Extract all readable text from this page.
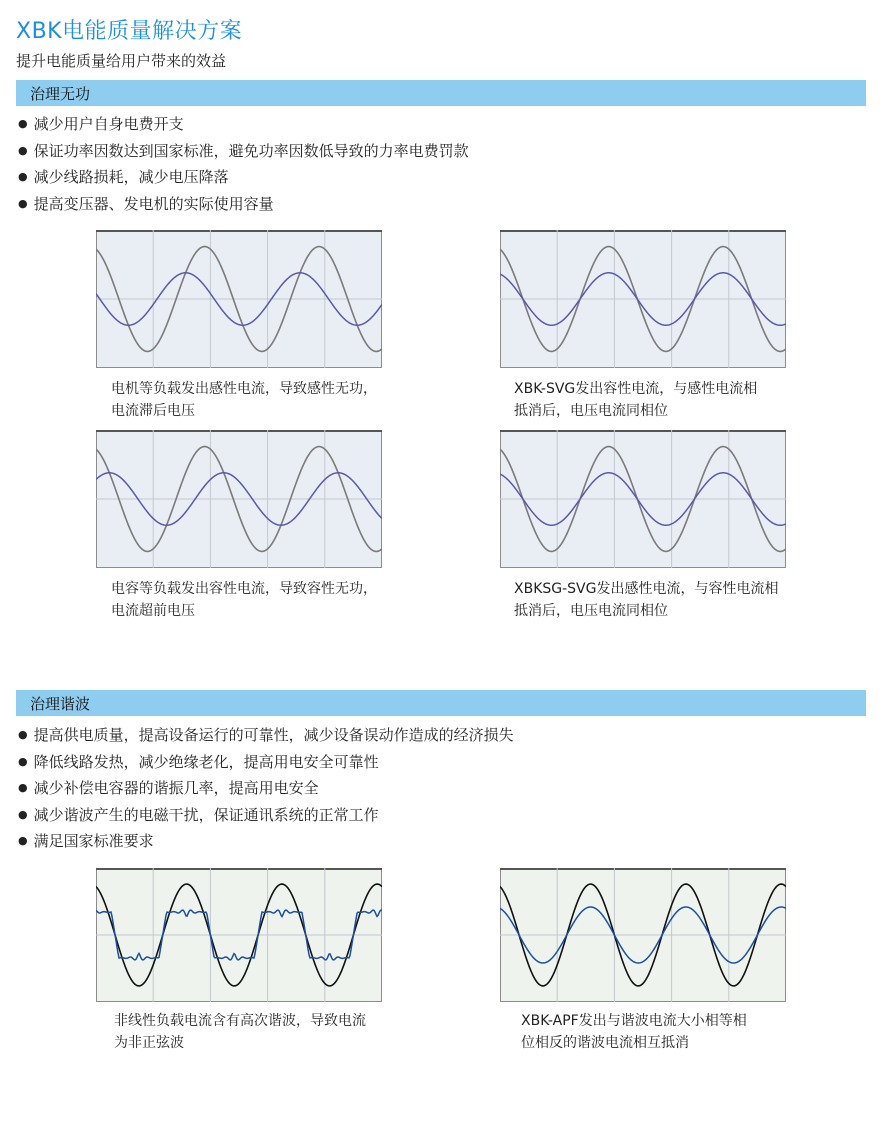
XBK电能质量解决方案
提升电能质量给用户带来的效益
治理无功
● 减少用户自身电费开支
● 保证功率因数达到国家标准，避免功率因数低导致的力率电费罚款
● 减少线路损耗，减少电压降落
● 提高变压器、发电机的实际使用容量
电机等负载发出感性电流，导致感性无功，
电流滞后电压
XBK-SVG发出容性电流，与感性电流相
抵消后，电压电流同相位
电容等负载发出容性电流，导致容性无功，
电流超前电压
XBKSG-SVG发出感性电流，与容性电流相
抵消后，电压电流同相位
治理谐波
● 提高供电质量，提高设备运行的可靠性，减少设备误动作造成的经济损失
● 降低线路发热，减少绝缘老化，提高用电安全可靠性
● 减少补偿电容器的谐振几率，提高用电安全
● 减少谐波产生的电磁干扰，保证通讯系统的正常工作
● 满足国家标准要求
非线性负载电流含有高次谐波，导致电流
为非正弦波
XBK-APF发出与谐波电流大小相等相
位相反的谐波电流相互抵消
